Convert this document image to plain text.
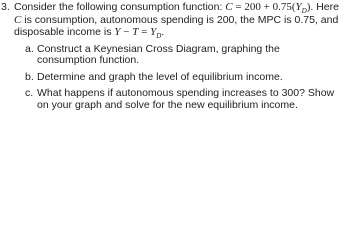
3. Consider the following consumption function: $C = 200 + 0.75(Y_D)$. Here C is consumption, autonomous spending is 200, the MPC is 0.75, and disposable income is $Y - T = Y_D$.

a. Construct a Keynesian Cross Diagram, graphing the consumption function.
b. Determine and graph the level of equilibrium income.
c. What happens if autonomous spending increases to 300? Show on your graph and solve for the new equilibrium income.
